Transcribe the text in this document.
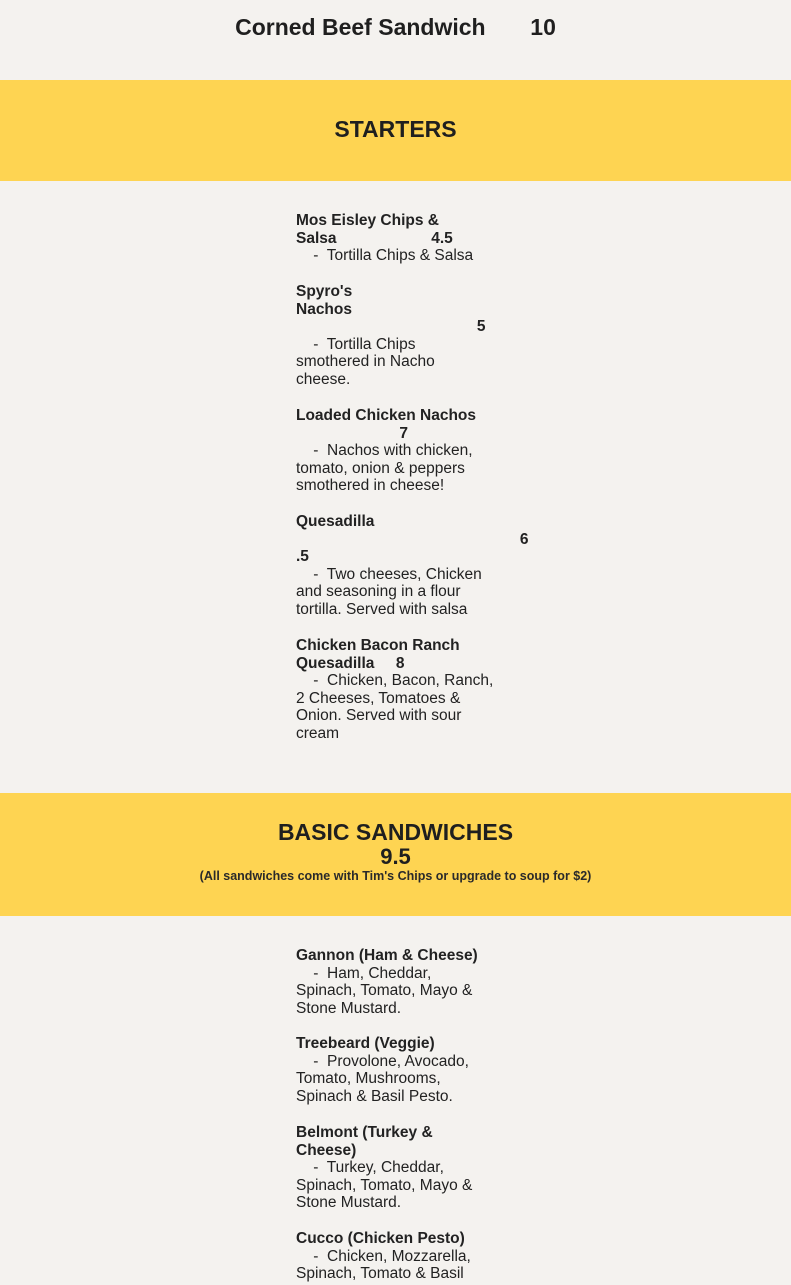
Corned Beef Sandwich       10
STARTERS
Mos Eisley Chips &
Salsa                      4.5
-  Tortilla Chips & Salsa
Spyro's
Nachos
5
-  Tortilla Chips
smothered in Nacho
cheese.
Loaded Chicken Nachos
7
-  Nachos with chicken,
tomato, onion & peppers
smothered in cheese!
Quesadilla
6
.5
-  Two cheeses, Chicken
and seasoning in a flour
tortilla. Served with salsa
Chicken Bacon Ranch
Quesadilla     8
-  Chicken, Bacon, Ranch,
2 Cheeses, Tomatoes &
Onion. Served with sour
cream
BASIC SANDWICHES
9.5
(All sandwiches come with Tim's Chips or upgrade to soup for $2)
Gannon (Ham & Cheese)
-  Ham, Cheddar,
Spinach, Tomato, Mayo &
Stone Mustard.
Treebeard (Veggie)
-  Provolone, Avocado,
Tomato, Mushrooms,
Spinach & Basil Pesto.
Belmont (Turkey &
Cheese)
-  Turkey, Cheddar,
Spinach, Tomato, Mayo &
Stone Mustard.
Cucco (Chicken Pesto)
-  Chicken, Mozzarella,
Spinach, Tomato & Basil
